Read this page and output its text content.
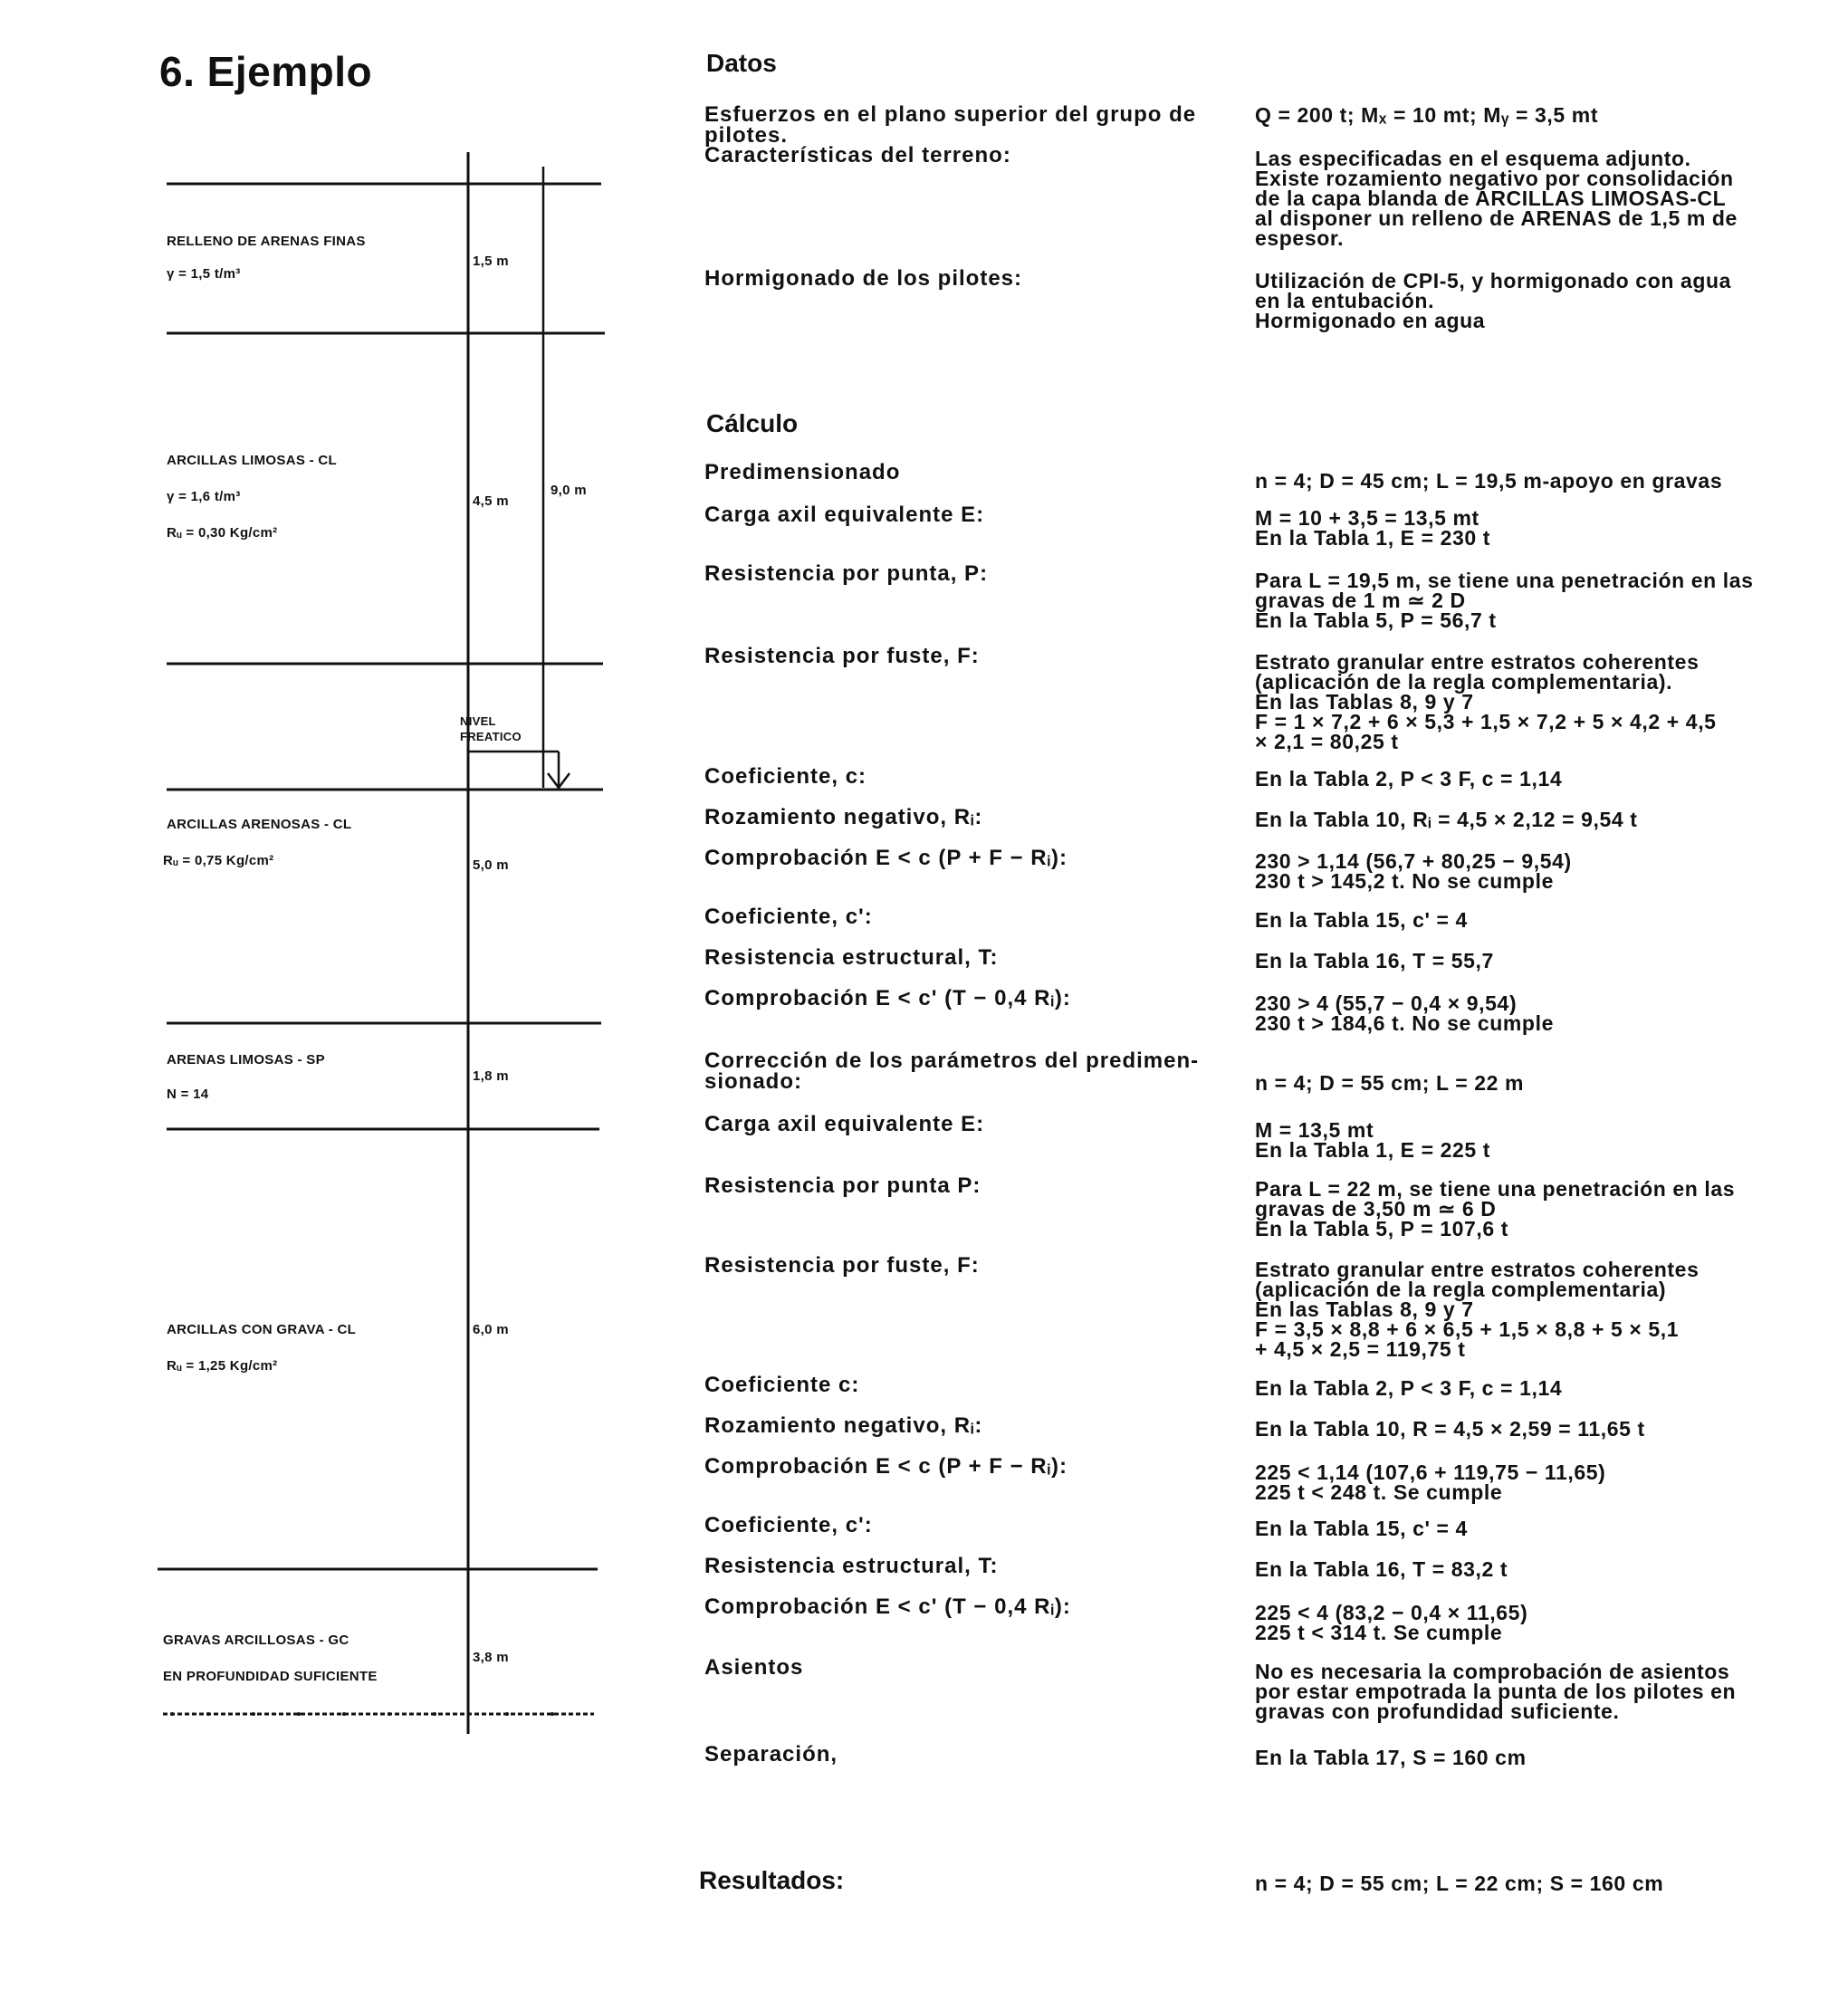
6. Ejemplo
RELLENO DE ARENAS FINAS
γ = 1,5 t/m³
1,5 m
ARCILLAS LIMOSAS - CL
γ = 1,6 t/m³
Rᵤ = 0,30 Kg/cm²
4,5 m
9,0 m
NIVEL
FREATICO
ARCILLAS ARENOSAS - CL
Rᵤ = 0,75 Kg/cm²	5,0 m
ARENAS LIMOSAS - SP
N = 14
1,8 m
ARCILLAS CON GRAVA - CL
Rᵤ = 1,25 Kg/cm²
6,0 m
GRAVAS ARCILLOSAS - GC
EN PROFUNDIDAD SUFICIENTE
3,8 m
Datos
Esfuerzos en el plano superior del grupo de
pilotes.
Q = 200 t; Mₓ = 10 mt; Mᵧ = 3,5 mt
Características del terreno:	Las especificadas en el esquema adjunto.
Existe rozamiento negativo por consolidación
de la capa blanda de ARCILLAS LIMOSAS-CL
al disponer un relleno de ARENAS de 1,5 m de
espesor.
Hormigonado de los pilotes:	Utilización de CPI-5, y hormigonado con agua
en la entubación.
Hormigonado en agua
Cálculo
Predimensionado	n = 4; D = 45 cm; L = 19,5 m-apoyo en gravas
Carga axil equivalente E:	M = 10 + 3,5 = 13,5 mt
En la Tabla 1, E = 230 t
Resistencia por punta, P:	Para L = 19,5 m, se tiene una penetración en las
gravas de 1 m ≃ 2 D
En la Tabla 5, P = 56,7 t
Resistencia por fuste, F:	Estrato granular entre estratos coherentes
(aplicación de la regla complementaria).
En las Tablas 8, 9 y 7
F = 1 × 7,2 + 6 × 5,3 + 1,5 × 7,2 + 5 × 4,2 + 4,5
× 2,1 = 80,25 t
Coeficiente, c:	En la Tabla 2, P < 3 F, c = 1,14
Rozamiento negativo, Rᵢ:	En la Tabla 10, Rᵢ = 4,5 × 2,12 = 9,54 t
Comprobación E < c (P + F − Rᵢ):	230 > 1,14 (56,7 + 80,25 − 9,54)
230 t > 145,2 t. No se cumple
Coeficiente, c':	En la Tabla 15, c' = 4
Resistencia estructural, T:	En la Tabla 16, T = 55,7
Comprobación E < c' (T − 0,4 Rᵢ):	230 > 4 (55,7 − 0,4 × 9,54)
230 t > 184,6 t. No se cumple
Corrección de los parámetros del predimen-
sionado:	n = 4; D = 55 cm; L = 22 m
Carga axil equivalente E:	M = 13,5 mt
En la Tabla 1, E = 225 t
Resistencia por punta P:	Para L = 22 m, se tiene una penetración en las
gravas de 3,50 m ≃ 6 D
En la Tabla 5, P = 107,6 t
Resistencia por fuste, F:	Estrato granular entre estratos coherentes
(aplicación de la regla complementaria)
En las Tablas 8, 9 y 7
F = 3,5 × 8,8 + 6 × 6,5 + 1,5 × 8,8 + 5 × 5,1
+ 4,5 × 2,5 = 119,75 t
Coeficiente c:	En la Tabla 2, P < 3 F, c = 1,14
Rozamiento negativo, Rᵢ:	En la Tabla 10, R = 4,5 × 2,59 = 11,65 t
Comprobación E < c (P + F − Rᵢ):	225 < 1,14 (107,6 + 119,75 − 11,65)
225 t < 248 t. Se cumple
Coeficiente, c':	En la Tabla 15, c' = 4
Resistencia estructural, T:	En la Tabla 16, T = 83,2 t
Comprobación E < c' (T − 0,4 Rᵢ):	225 < 4 (83,2 − 0,4 × 11,65)
225 t < 314 t. Se cumple
Asientos	No es necesaria la comprobación de asientos
por estar empotrada la punta de los pilotes en
gravas con profundidad suficiente.
Separación,	En la Tabla 17, S = 160 cm
Resultados:	n = 4; D = 55 cm; L = 22 cm; S = 160 cm
